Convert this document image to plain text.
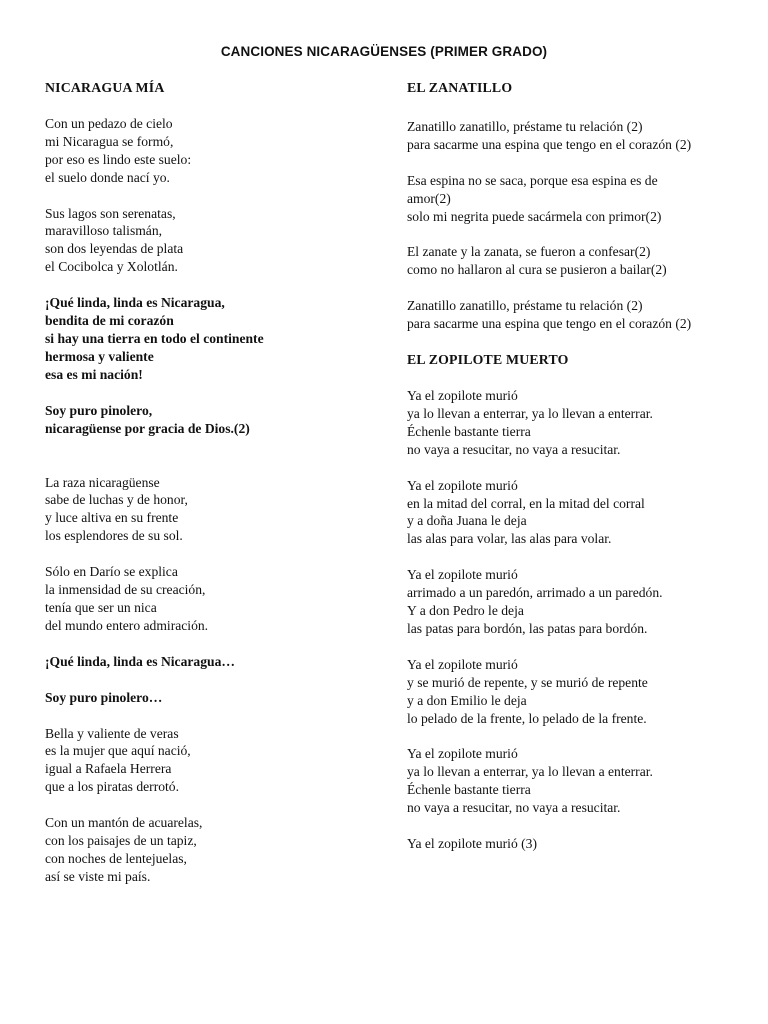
CANCIONES NICARAGÜENSES (PRIMER GRADO)
NICARAGUA MÍA
Con un pedazo de cielo
mi Nicaragua se formó,
por eso es lindo este suelo:
el suelo donde nací yo.
Sus lagos son serenatas,
maravilloso talismán,
son dos leyendas de plata
el Cocibolca y Xolotlán.
¡Qué linda, linda es Nicaragua,
bendita de mi corazón
si hay una tierra en todo el continente
hermosa y valiente
esa es mi nación!
Soy puro pinolero,
nicaragüense por gracia de Dios.(2)
La raza nicaragüense
sabe de luchas y de honor,
y luce altiva en su frente
los esplendores de su sol.
Sólo en Darío se explica
la inmensidad de su creación,
tenía que ser un nica
del mundo entero admiración.
¡Qué linda, linda es Nicaragua…
Soy puro pinolero…
Bella y valiente de veras
es la mujer que aquí nació,
igual a Rafaela Herrera
que a los piratas derrotó.
Con un mantón de acuarelas,
con los paisajes de un tapiz,
con noches de lentejuelas,
así se viste mi país.
EL ZANATILLO
Zanatillo zanatillo, préstame tu relación (2)
para sacarme una espina que tengo en el corazón (2)
Esa espina no se saca, porque esa espina es de
amor(2)
solo mi negrita puede sacármela con primor(2)
El zanate y la zanata, se fueron a confesar(2)
como no hallaron al cura se pusieron a bailar(2)
Zanatillo zanatillo, préstame tu relación (2)
para sacarme una espina que tengo en el corazón (2)
EL ZOPILOTE MUERTO
Ya el zopilote murió
ya lo llevan a enterrar, ya lo llevan a enterrar.
Échenle bastante tierra
no vaya a resucitar, no vaya a resucitar.
Ya el zopilote murió
en la mitad del corral, en la mitad del corral
y a doña Juana le deja
las alas para volar, las alas para volar.
Ya el zopilote murió
arrimado a un paredón, arrimado a un paredón.
Y a don Pedro le deja
las patas para bordón, las patas para bordón.
Ya el zopilote murió
y se murió de repente, y se murió de repente
y a don Emilio le deja
lo pelado de la frente, lo pelado de la frente.
Ya el zopilote murió
ya lo llevan a enterrar, ya lo llevan a enterrar.
Échenle bastante tierra
no vaya a resucitar, no vaya a resucitar.
Ya el zopilote murió (3)
